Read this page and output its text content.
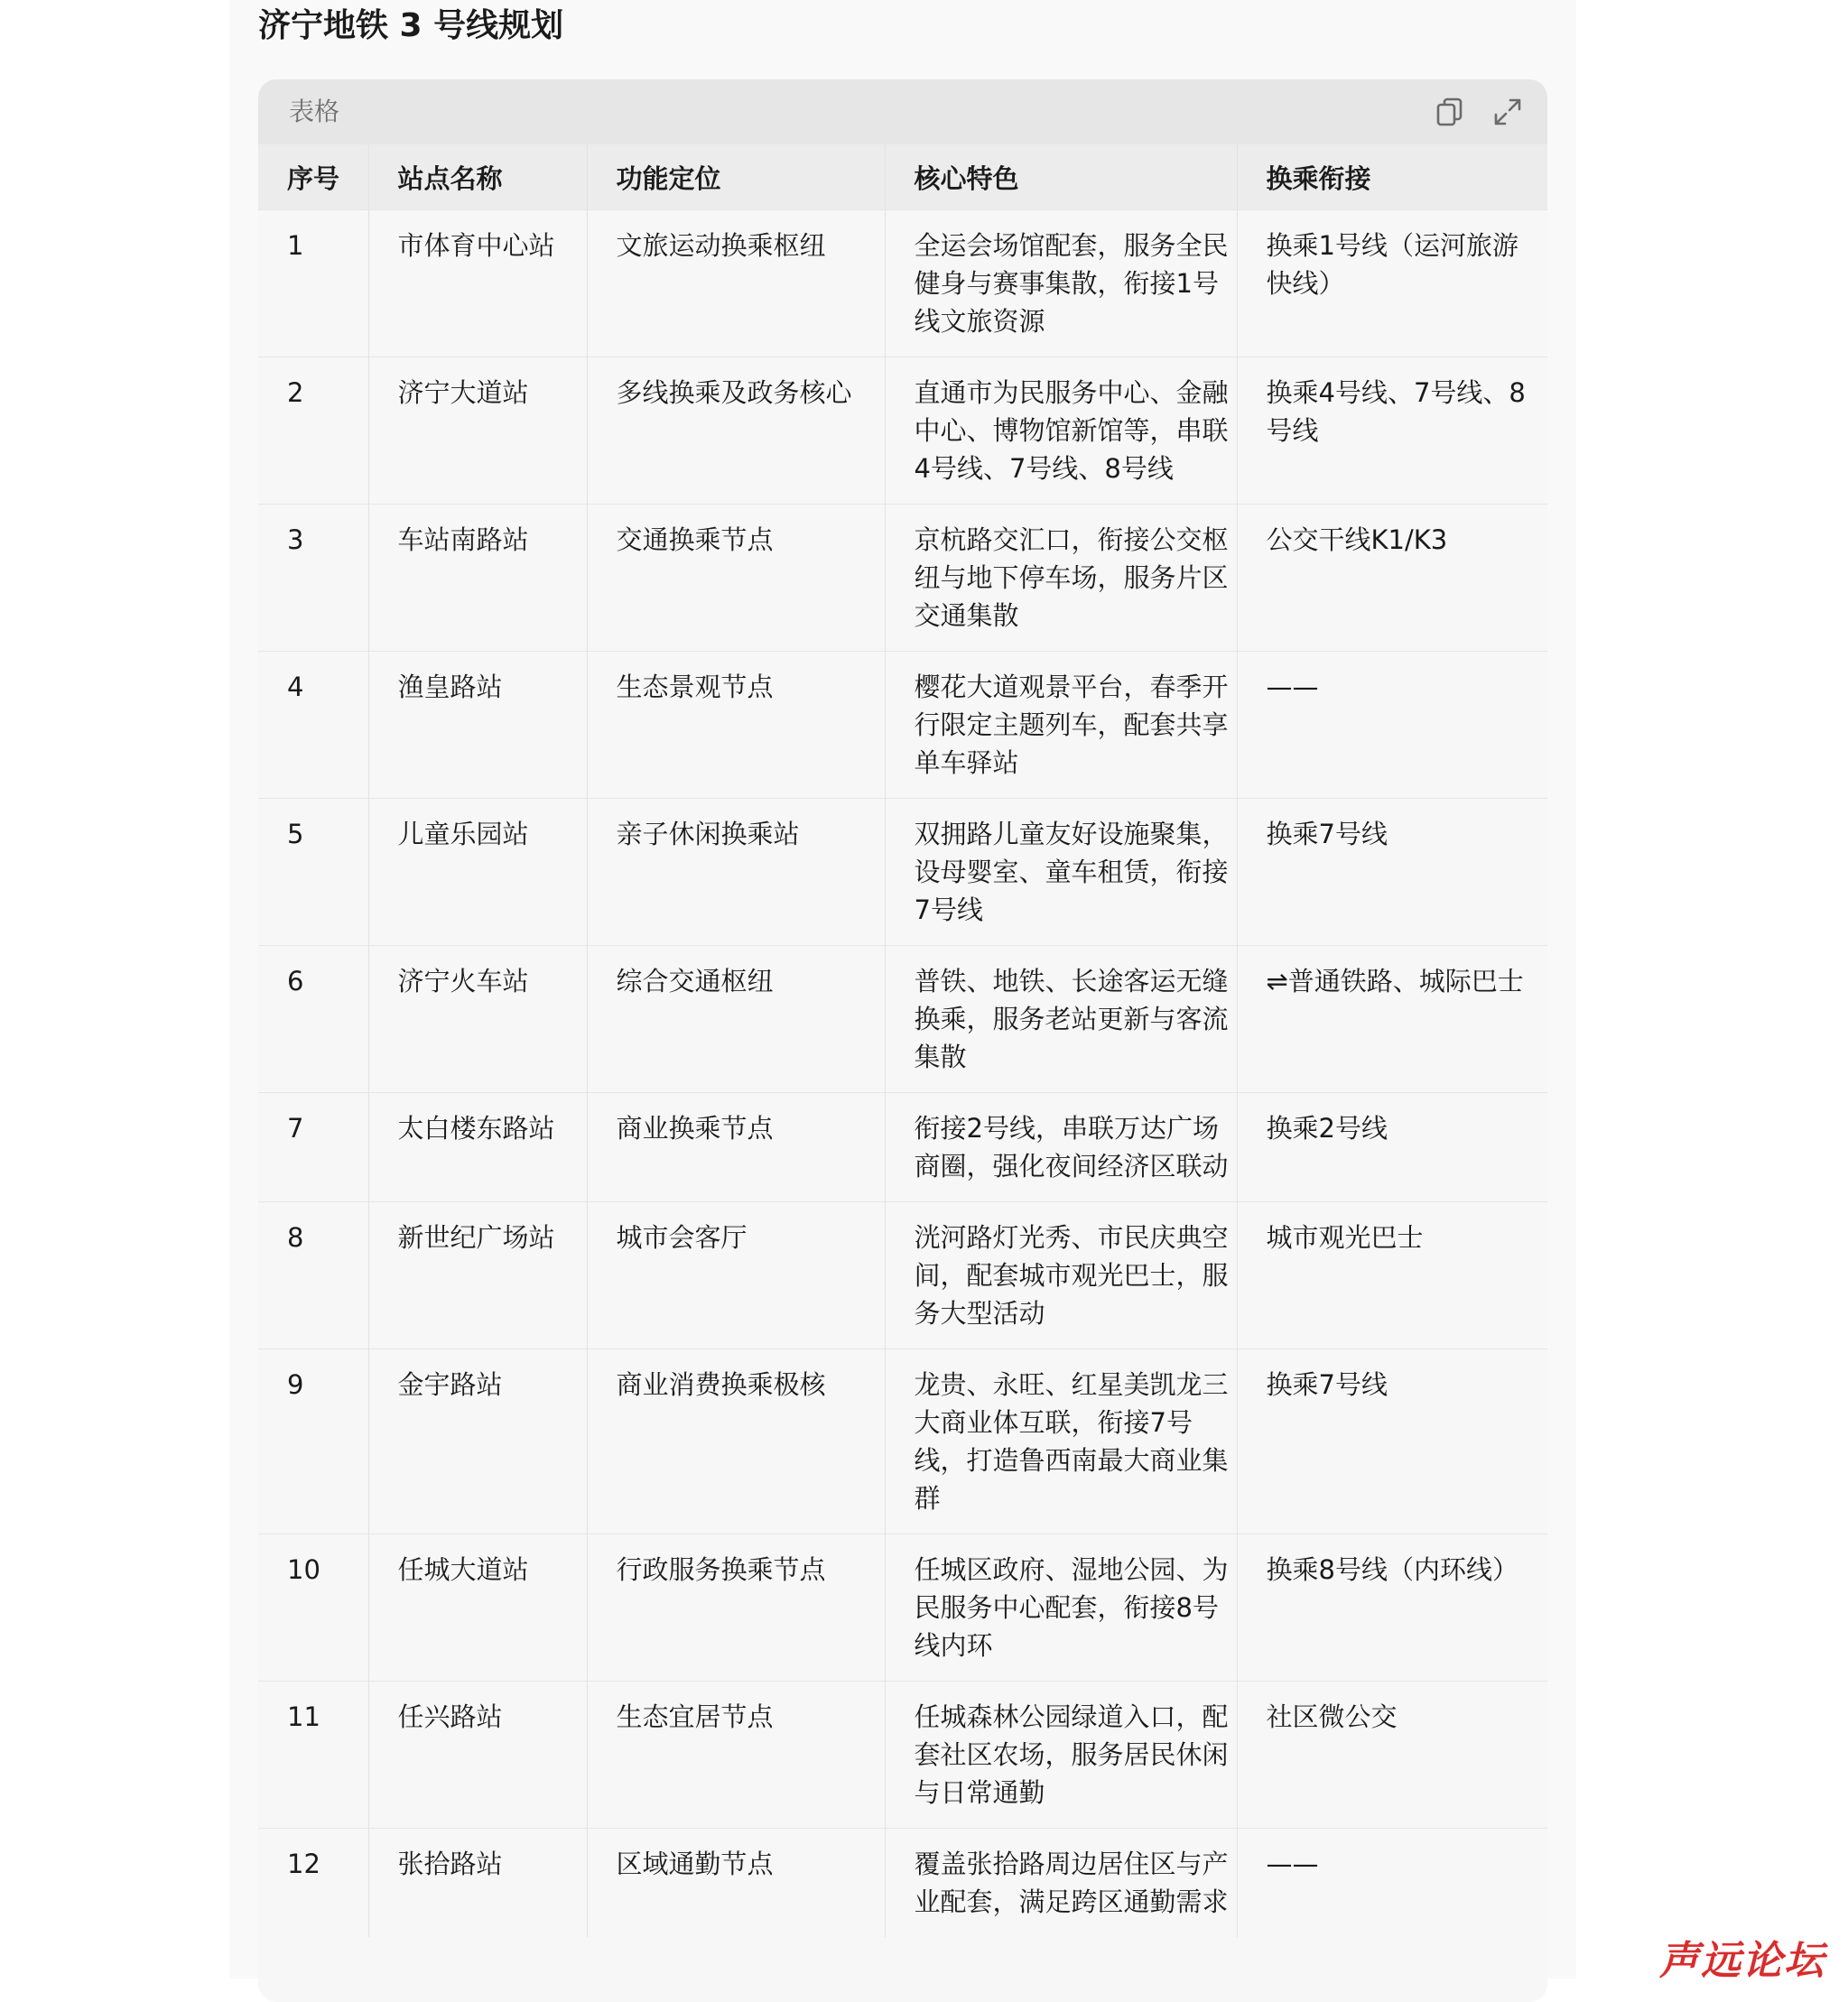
济宁地铁 3 号线规划
表格
序号	站点名称	功能定位	核心特色	换乘衔接
1	市体育中心站	文旅运动换乘枢纽	全运会场馆配套，服务全民健身与赛事集散，衔接1号线文旅资源	换乘1号线（运河旅游快线）
2	济宁大道站	多线换乘及政务核心	直通市为民服务中心、金融中心、博物馆新馆等，串联4号线、7号线、8号线	换乘4号线、7号线、8号线
3	车站南路站	交通换乘节点	京杭路交汇口，衔接公交枢纽与地下停车场，服务片区交通集散	公交干线K1/K3
4	渔皇路站	生态景观节点	樱花大道观景平台，春季开行限定主题列车，配套共享单车驿站	——
5	儿童乐园站	亲子休闲换乘站	双拥路儿童友好设施聚集，设母婴室、童车租赁，衔接7号线	换乘7号线
6	济宁火车站	综合交通枢纽	普铁、地铁、长途客运无缝换乘，服务老站更新与客流集散	⇌普通铁路、城际巴士
7	太白楼东路站	商业换乘节点	衔接2号线，串联万达广场商圈，强化夜间经济区联动	换乘2号线
8	新世纪广场站	城市会客厅	洸河路灯光秀、市民庆典空间，配套城市观光巴士，服务大型活动	城市观光巴士
9	金宇路站	商业消费换乘极核	龙贵、永旺、红星美凯龙三大商业体互联，衔接7号线，打造鲁西南最大商业集群	换乘7号线
10	任城大道站	行政服务换乘节点	任城区政府、湿地公园、为民服务中心配套，衔接8号线内环	换乘8号线（内环线）
11	任兴路站	生态宜居节点	任城森林公园绿道入口，配套社区农场，服务居民休闲与日常通勤	社区微公交
12	张拾路站	区域通勤节点	覆盖张拾路周边居住区与产业配套，满足跨区通勤需求	——
声远论坛
